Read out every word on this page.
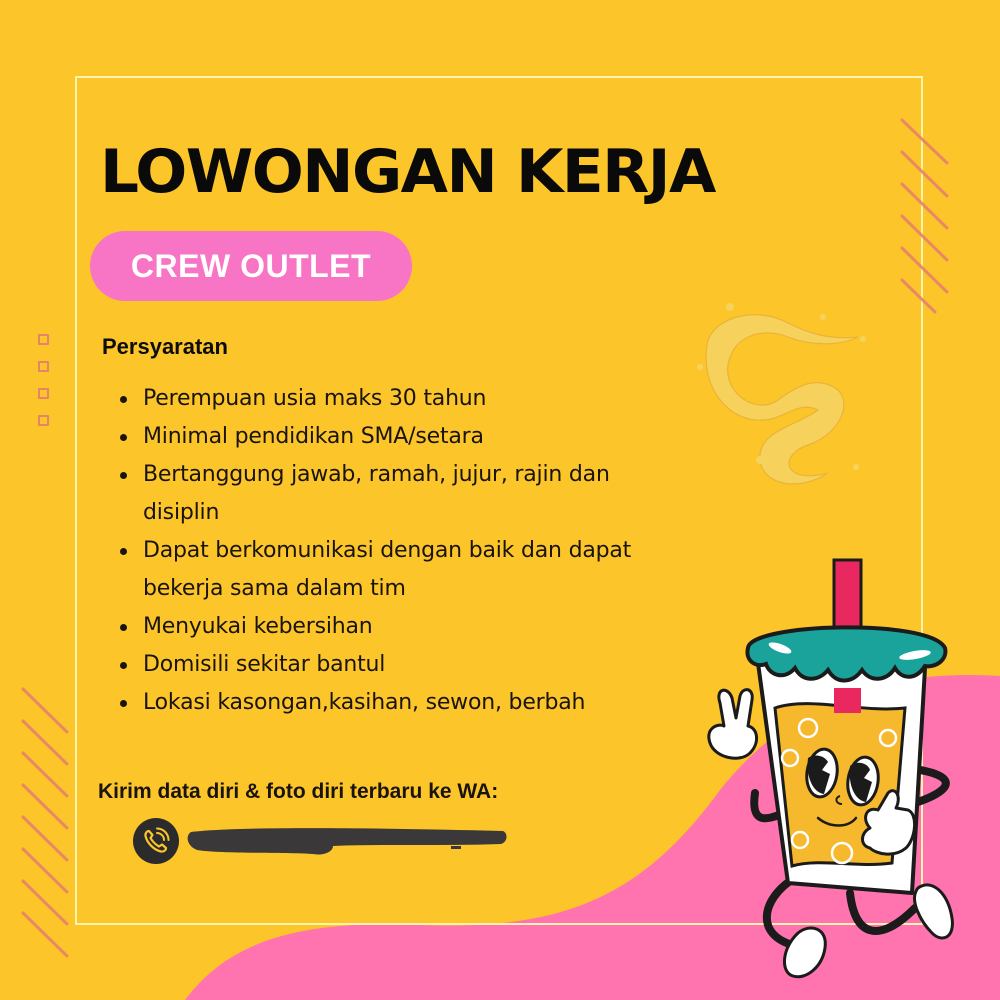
LOWONGAN KERJA
CREW OUTLET
Persyaratan
Perempuan usia maks 30 tahun
Minimal pendidikan SMA/setara
Bertanggung jawab, ramah, jujur, rajin dan disiplin
Dapat berkomunikasi dengan baik dan dapat bekerja sama dalam tim
Menyukai kebersihan
Domisili sekitar bantul
Lokasi kasongan,kasihan, sewon, berbah

Kirim data diri & foto diri terbaru ke WA:
